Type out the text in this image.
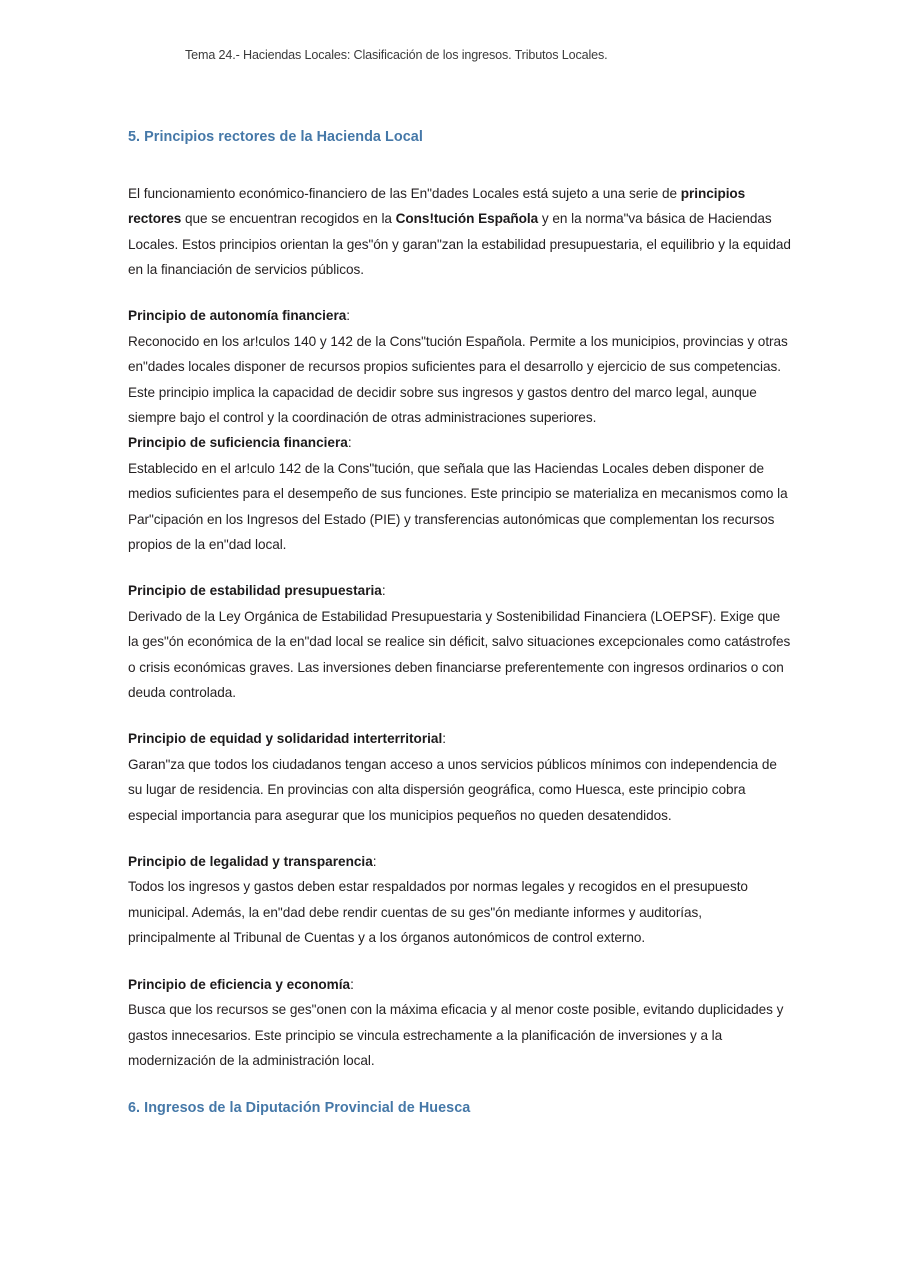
Tema 24.- Haciendas Locales: Clasificación de los ingresos. Tributos Locales.
5. Principios rectores de la Hacienda Local

El funcionamiento económico-financiero de las En"dades Locales está sujeto a una serie de principios rectores que se encuentran recogidos en la Cons!tución Española y en la norma"va básica de Haciendas Locales. Estos principios orientan la ges"ón y garan"zan la estabilidad presupuestaria, el equilibrio y la equidad en la financiación de servicios públicos.

Principio de autonomía financiera:

Reconocido en los ar!culos 140 y 142 de la Cons"tución Española. Permite a los municipios, provincias y otras en"dades locales disponer de recursos propios suficientes para el desarrollo y ejercicio de sus competencias. Este principio implica la capacidad de decidir sobre sus ingresos y gastos dentro del marco legal, aunque siempre bajo el control y la coordinación de otras administraciones superiores.

Principio de suficiencia financiera:

Establecido en el ar!culo 142 de la Cons"tución, que señala que las Haciendas Locales deben disponer de medios suficientes para el desempeño de sus funciones. Este principio se materializa en mecanismos como la Par"cipación en los Ingresos del Estado (PIE) y transferencias autonómicas que complementan los recursos propios de la en"dad local.

Principio de estabilidad presupuestaria:

Derivado de la Ley Orgánica de Estabilidad Presupuestaria y Sostenibilidad Financiera (LOEPSF). Exige que la ges"ón económica de la en"dad local se realice sin déficit, salvo situaciones excepcionales como catástrofes o crisis económicas graves. Las inversiones deben financiarse preferentemente con ingresos ordinarios o con deuda controlada.

Principio de equidad y solidaridad interterritorial:

Garan"za que todos los ciudadanos tengan acceso a unos servicios públicos mínimos con independencia de su lugar de residencia. En provincias con alta dispersión geográfica, como Huesca, este principio cobra especial importancia para asegurar que los municipios pequeños no queden desatendidos.

Principio de legalidad y transparencia:

Todos los ingresos y gastos deben estar respaldados por normas legales y recogidos en el presupuesto municipal. Además, la en"dad debe rendir cuentas de su ges"ón mediante informes y auditorías, principalmente al Tribunal de Cuentas y a los órganos autonómicos de control externo.

Principio de eficiencia y economía:

Busca que los recursos se ges"onen con la máxima eficacia y al menor coste posible, evitando duplicidades y gastos innecesarios. Este principio se vincula estrechamente a la planificación de inversiones y a la modernización de la administración local.

6. Ingresos de la Diputación Provincial de Huesca
